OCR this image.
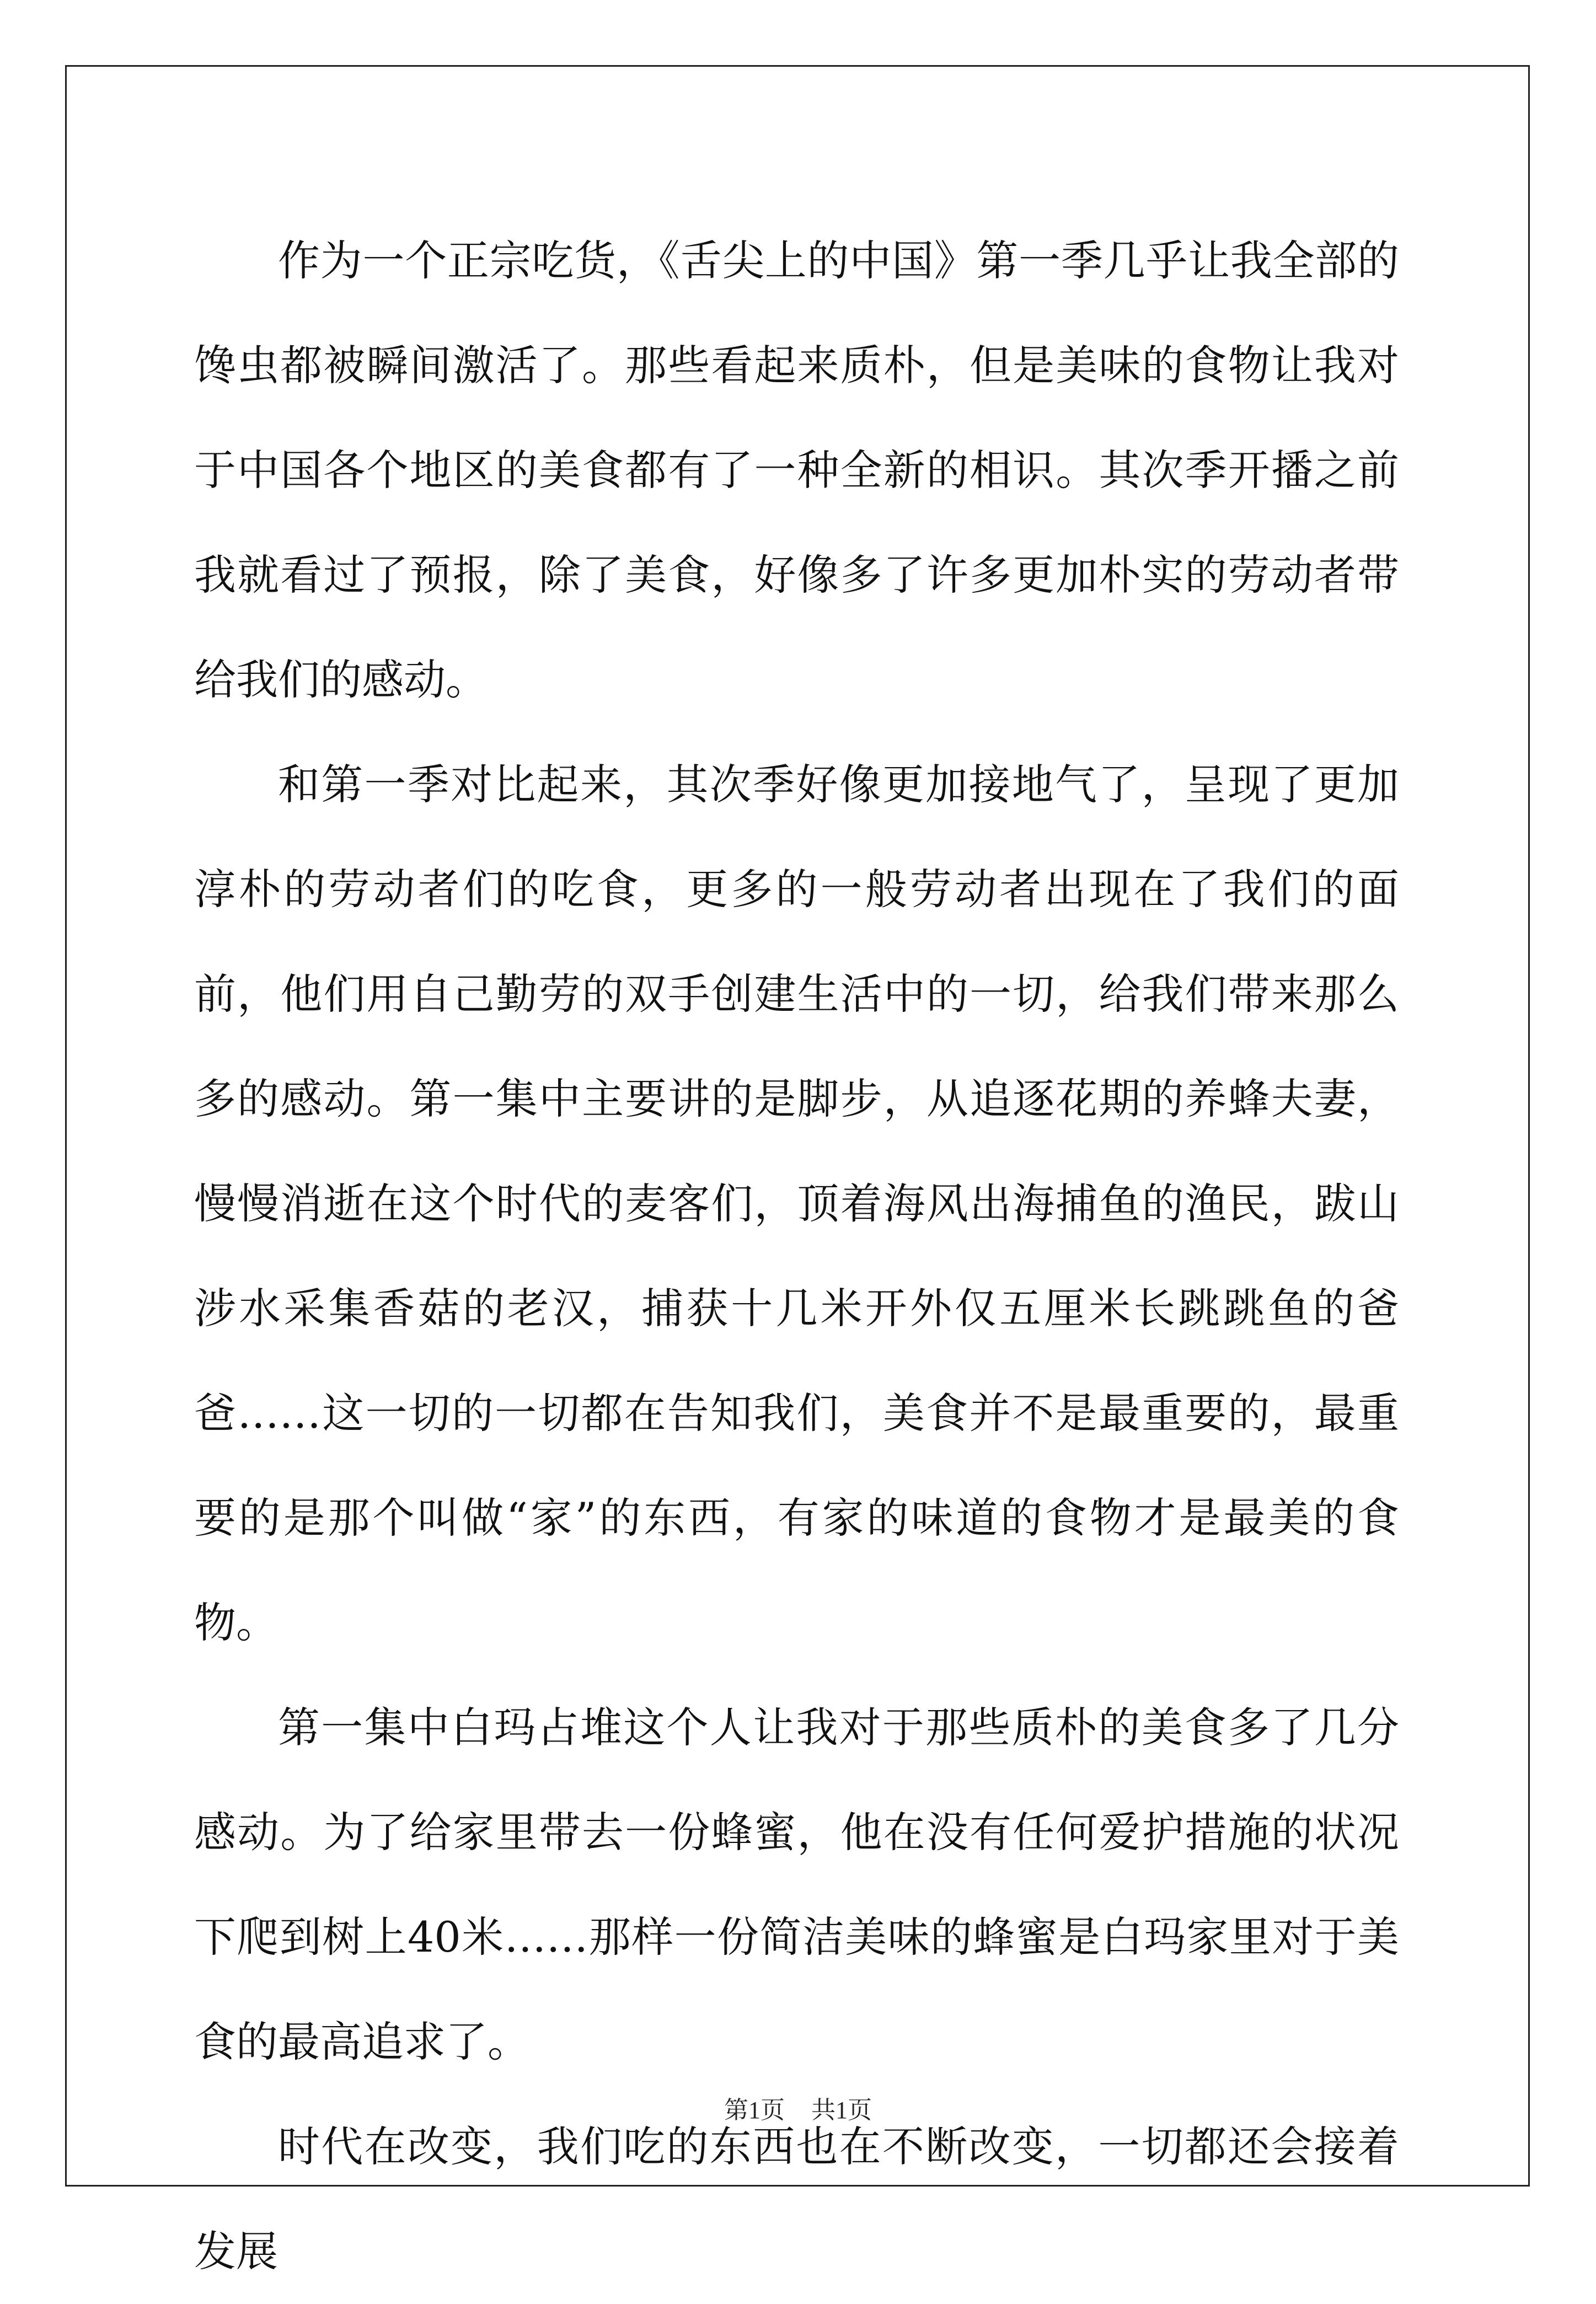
作为一个正宗吃货，《舌尖上的中国》第一季几乎让我全部的馋虫都被瞬间激活了。那些看起来质朴，但是美味的食物让我对于中国各个地区的美食都有了一种全新的相识。其次季开播之前我就看过了预报，除了美食，好像多了许多更加朴实的劳动者带给我们的感动。

和第一季对比起来，其次季好像更加接地气了，呈现了更加淳朴的劳动者们的吃食，更多的一般劳动者出现在了我们的面前，他们用自己勤劳的双手创建生活中的一切，给我们带来那么多的感动。第一集中主要讲的是脚步，从追逐花期的养蜂夫妻，慢慢消逝在这个时代的麦客们，顶着海风出海捕鱼的渔民，跋山涉水采集香菇的老汉，捕获十几米开外仅五厘米长跳跳鱼的爸爸……这一切的一切都在告知我们，美食并不是最重要的，最重要的是那个叫做“家”的东西，有家的味道的食物才是最美的食物。

第一集中白玛占堆这个人让我对于那些质朴的美食多了几分感动。为了给家里带去一份蜂蜜，他在没有任何爱护措施的状况下爬到树上40米……那样一份简洁美味的蜂蜜是白玛家里对于美食的最高追求了。

时代在改变，我们吃的东西也在不断改变，一切都还会接着发展

第1页 共1页
